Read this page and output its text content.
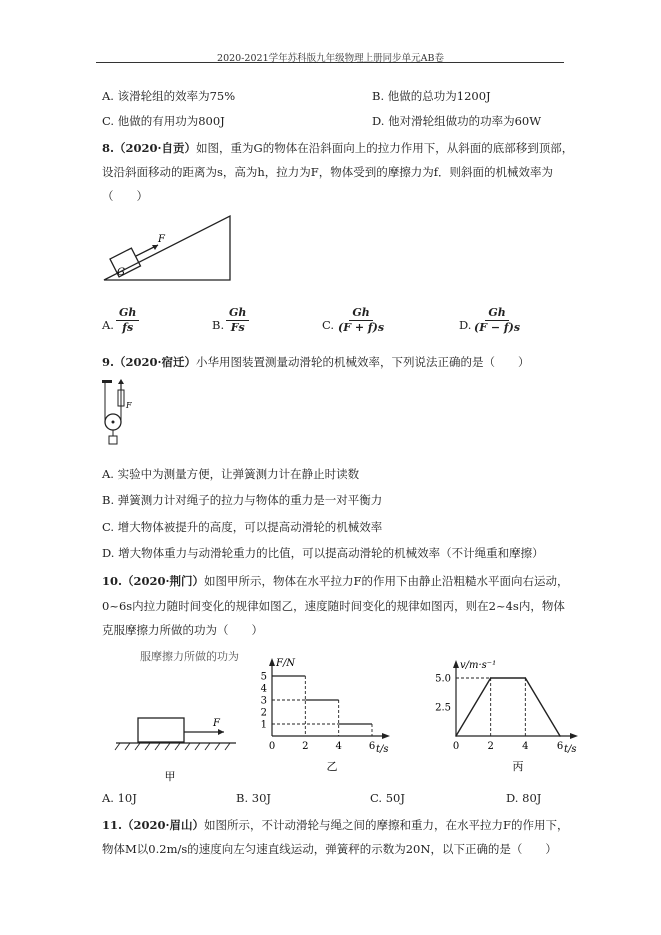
2020-2021学年苏科版九年级物理上册同步单元AB卷
A. 该滑轮组的效率为75%	B. 他做的总功为1200J
C. 他做的有用功为800J	D. 他对滑轮组做功的功率为60W
8.（2020·自贡）如图，重为G的物体在沿斜面向上的拉力作用下，从斜面的底部移到顶部，
设沿斜面移动的距离为s，高为h，拉力为F，物体受到的摩擦力为f．则斜面的机械效率为
（　　）
G
F
A. $\frac{Gh}{fs}$	B. $\frac{Gh}{Fs}$	C. $\frac{Gh}{(F + f)s}$	D. $\frac{Gh}{(F - f)s}$
9.（2020·宿迁）小华用图装置测量动滑轮的机械效率，下列说法正确的是（　　）
F
A. 实验中为测量方便，让弹簧测力计在静止时读数
B. 弹簧测力计对绳子的拉力与物体的重力是一对平衡力
C. 增大物体被提升的高度，可以提高动滑轮的机械效率
D. 增大物体重力与动滑轮重力的比值，可以提高动滑轮的机械效率（不计绳重和摩擦）
10.（2020·荆门）如图甲所示，物体在水平拉力F的作用下由静止沿粗糙水平面向右运动，
0~6s内拉力随时间变化的规律如图乙，速度随时间变化的规律如图丙，则在2~4s内，物体
克服摩擦力所做的功为（　　）
服摩擦力所做的功为
F
甲
F/N
t/s
0	2	4	6
乙
1
2
3
4
5
v/m·s⁻¹
t/s
0	2	4	6
丙
2.5
5.0
A. 10J	B. 30J	C. 50J	D. 80J
11.（2020·眉山）如图所示，不计动滑轮与绳之间的摩擦和重力，在水平拉力F的作用下，
物体M以0.2m/s的速度向左匀速直线运动，弹簧秤的示数为20N，以下正确的是（　　）
